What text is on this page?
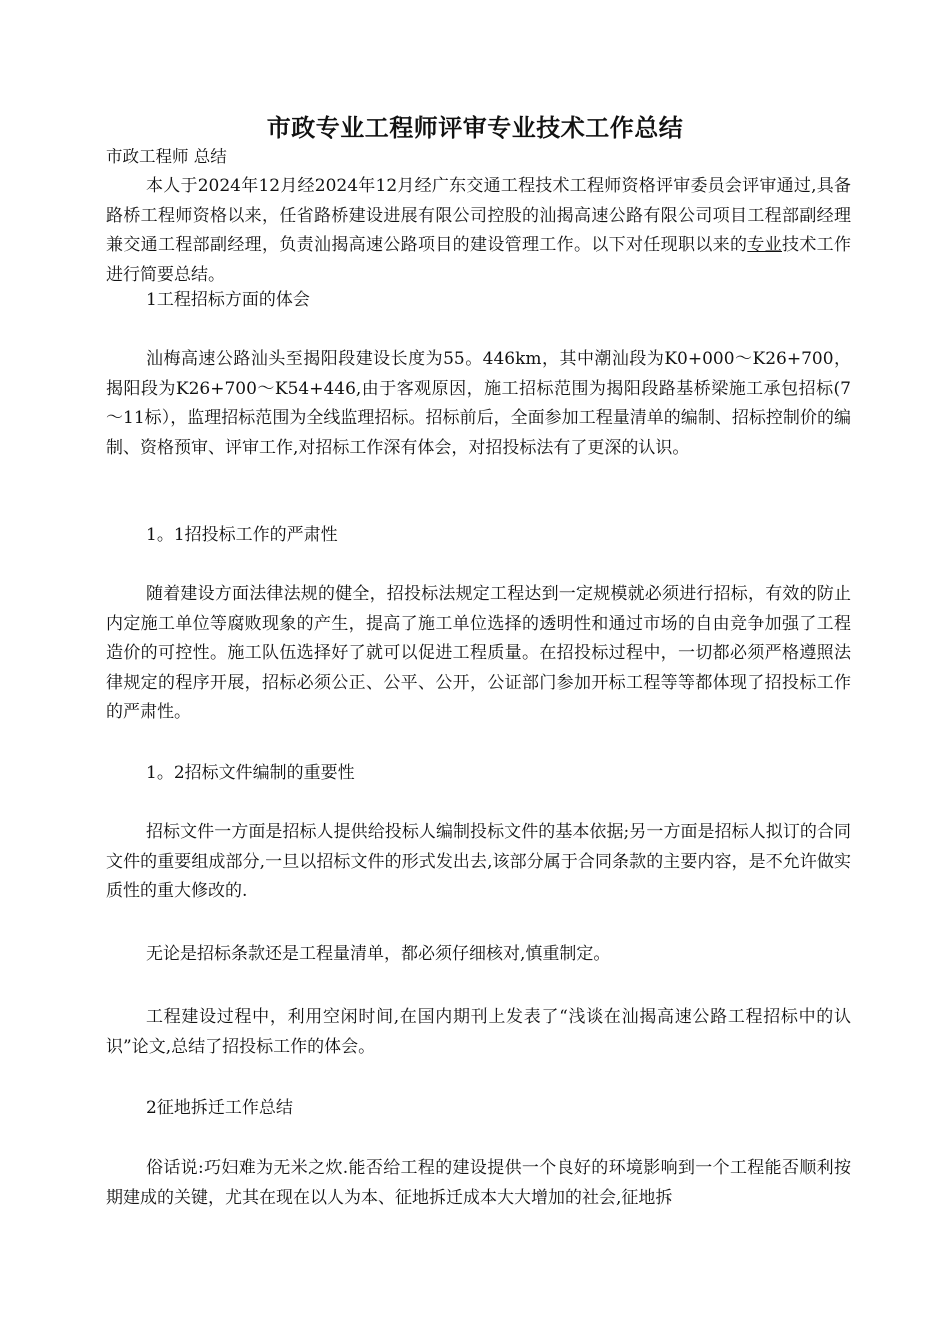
市政专业工程师评审专业技术工作总结
市政工程师 总结
本人于2024年12月经2024年12月经广东交通工程技术工程师资格评审委员会评审通过,具备路桥工程师资格以来，任省路桥建设进展有限公司控股的汕揭高速公路有限公司项目工程部副经理兼交通工程部副经理，负责汕揭高速公路项目的建设管理工作。以下对任现职以来的专业技术工作进行简要总结。
1工程招标方面的体会
汕梅高速公路汕头至揭阳段建设长度为55。446km，其中潮汕段为K0+000～K26+700，揭阳段为K26+700～K54+446,由于客观原因，施工招标范围为揭阳段路基桥梁施工承包招标(7～11标），监理招标范围为全线监理招标。招标前后，全面参加工程量清单的编制、招标控制价的编制、资格预审、评审工作,对招标工作深有体会，对招投标法有了更深的认识。
1。1招投标工作的严肃性
随着建设方面法律法规的健全，招投标法规定工程达到一定规模就必须进行招标，有效的防止内定施工单位等腐败现象的产生，提高了施工单位选择的透明性和通过市场的自由竞争加强了工程造价的可控性。施工队伍选择好了就可以促进工程质量。在招投标过程中，一切都必须严格遵照法律规定的程序开展，招标必须公正、公平、公开，公证部门参加开标工程等等都体现了招投标工作的严肃性。
1。2招标文件编制的重要性
招标文件一方面是招标人提供给投标人编制投标文件的基本依据;另一方面是招标人拟订的合同文件的重要组成部分,一旦以招标文件的形式发出去,该部分属于合同条款的主要内容，是不允许做实质性的重大修改的.
无论是招标条款还是工程量清单，都必须仔细核对,慎重制定。
工程建设过程中，利用空闲时间,在国内期刊上发表了“浅谈在汕揭高速公路工程招标中的认识”论文,总结了招投标工作的体会。
2征地拆迁工作总结
俗话说:巧妇难为无米之炊.能否给工程的建设提供一个良好的环境影响到一个工程能否顺利按期建成的关键，尤其在现在以人为本、征地拆迁成本大大增加的社会,征地拆
